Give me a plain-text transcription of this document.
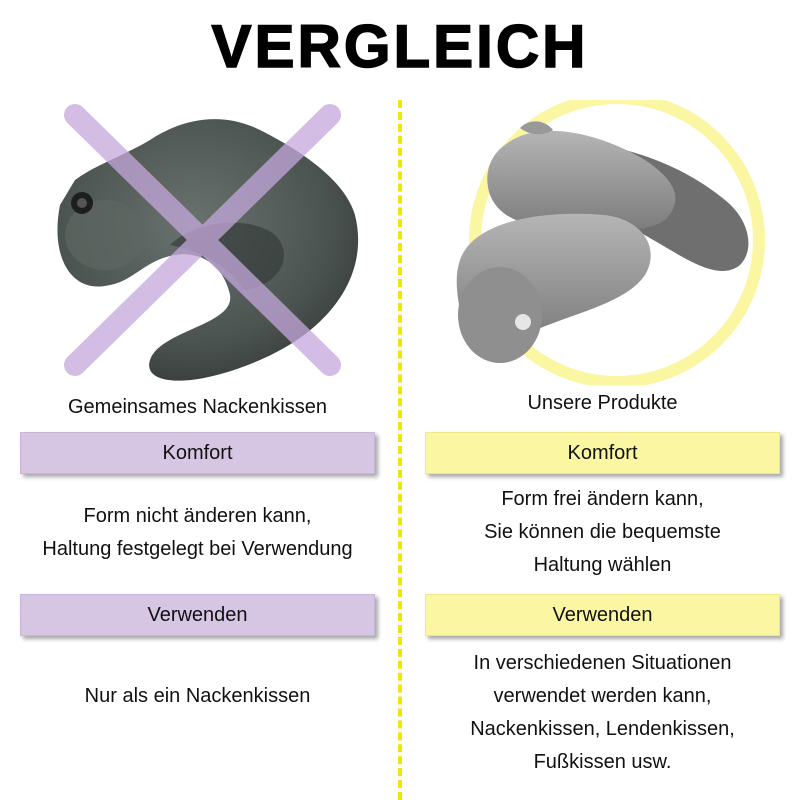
VERGLEICH
Gemeinsames Nackenkissen
Komfort
Form nicht änderen kann,
Haltung festgelegt bei Verwendung
Verwenden
Nur als ein Nackenkissen
Unsere Produkte
Komfort
Form frei ändern kann,
Sie können die bequemste
Haltung wählen
Verwenden
In verschiedenen Situationen
verwendet werden kann,
Nackenkissen, Lendenkissen,
Fußkissen usw.
